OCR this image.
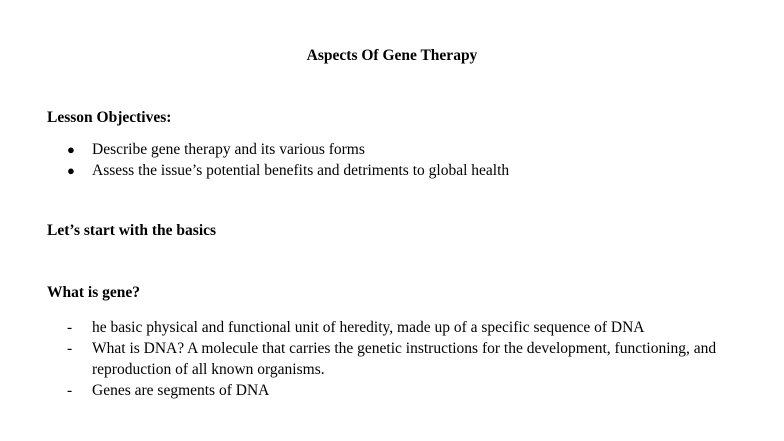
Aspects Of Gene Therapy
Lesson Objectives:
● Describe gene therapy and its various forms
● Assess the issue’s potential benefits and detriments to global health
Let’s start with the basics
What is gene?
- he basic physical and functional unit of heredity, made up of a specific sequence of DNA
- What is DNA? A molecule that carries the genetic instructions for the development, functioning, and reproduction of all known organisms.
- Genes are segments of DNA
